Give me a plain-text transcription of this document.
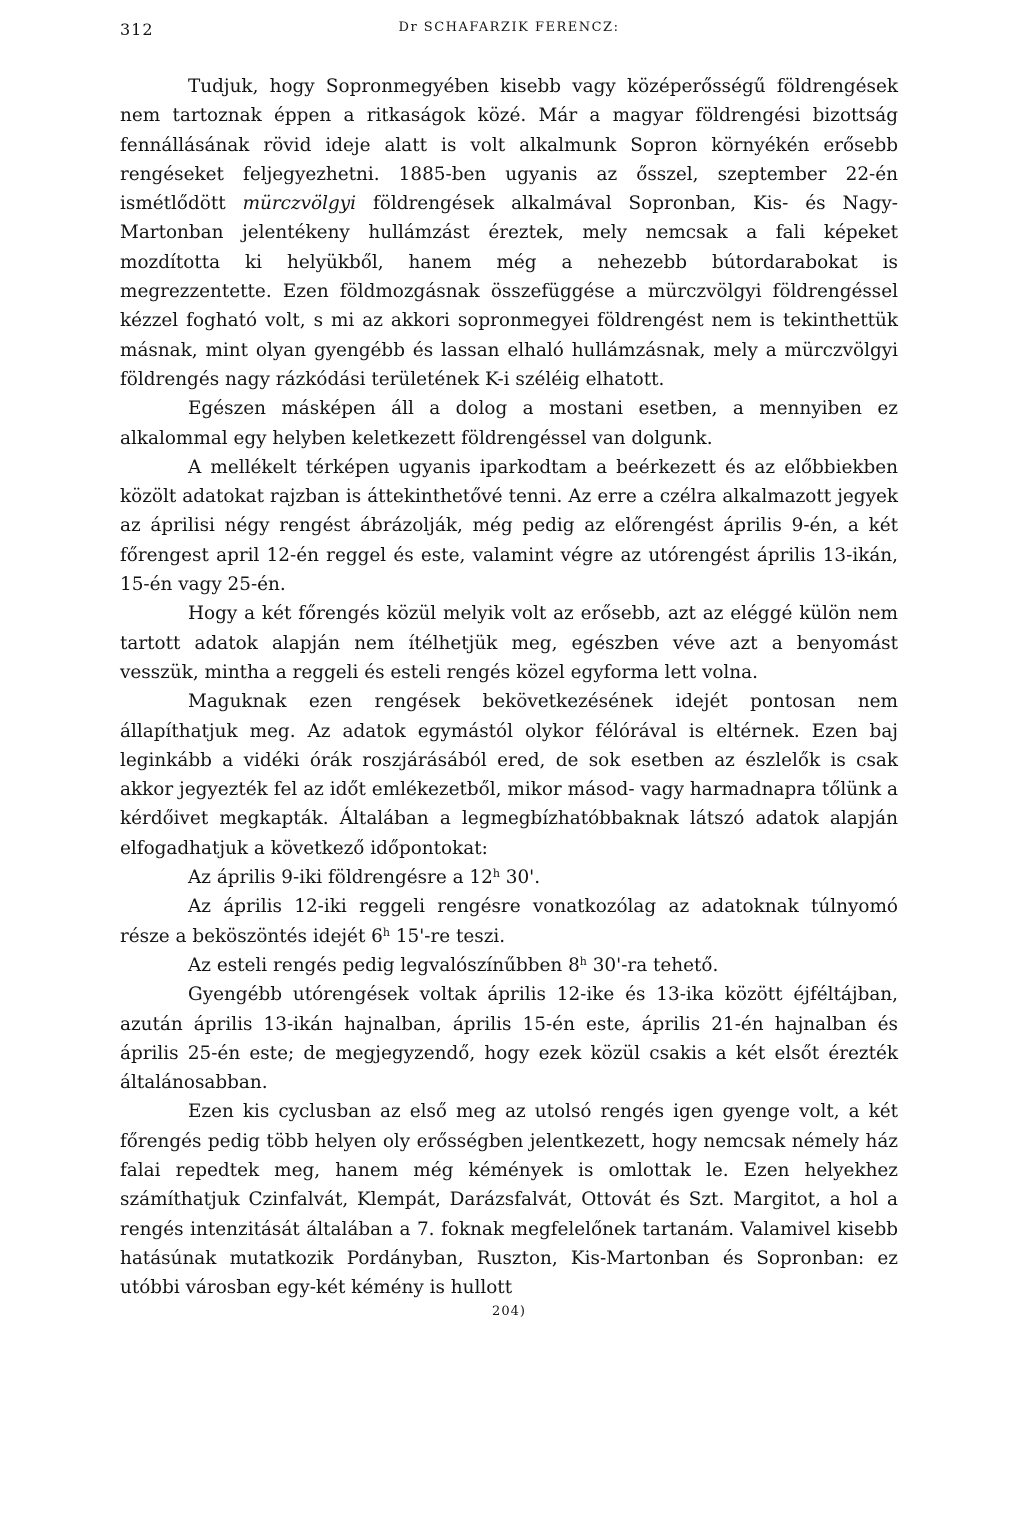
312	Dr SCHAFARZIK FERENCZ:

Tudjuk, hogy Sopronmegyében kisebb vagy középerősségű földrengések nem tartoznak éppen a ritkaságok közé. Már a magyar földrengési bizottság fennállásának rövid ideje alatt is volt alkalmunk Sopron környékén erősebb rengéseket feljegyezhetni. 1885-ben ugyanis az ősszel, szeptember 22-én ismétlődött mürczvölgyi földrengések alkalmával Sopronban, Kis- és Nagy-Martonban jelentékeny hullámzást éreztek, mely nemcsak a fali képeket mozdította ki helyükből, hanem még a nehezebb bútordarabokat is megrezzentette. Ezen földmozgásnak összefüggése a mürczvölgyi földrengéssel kézzel fogható volt, s mi az akkori sopronmegyei földrengést nem is tekinthettük másnak, mint olyan gyengébb és lassan elhaló hullámzásnak, mely a mürczvölgyi földrengés nagy rázkódási területének K-i széléig elhatott.

Egészen másképen áll a dolog a mostani esetben, a mennyiben ez alkalommal egy helyben keletkezett földrengéssel van dolgunk.

A mellékelt térképen ugyanis iparkodtam a beérkezett és az előbbiekben közölt adatokat rajzban is áttekinthetővé tenni. Az erre a czélra alkalmazott jegyek az áprilisi négy rengést ábrázolják, még pedig az előrengést április 9-én, a két főrengest april 12-én reggel és este, valamint végre az utórengést április 13-ikán, 15-én vagy 25-én.

Hogy a két főrengés közül melyik volt az erősebb, azt az eléggé külön nem tartott adatok alapján nem ítélhetjük meg, egészben véve azt a benyomást vesszük, mintha a reggeli és esteli rengés közel egyforma lett volna.

Maguknak ezen rengések bekövetkezésének idejét pontosan nem állapíthatjuk meg. Az adatok egymástól olykor félórával is eltérnek. Ezen baj leginkább a vidéki órák roszjárásából ered, de sok esetben az észlelők is csak akkor jegyezték fel az időt emlékezetből, mikor másod- vagy harmadnapra tőlünk a kérdőivet megkapták. Általában a legmegbízhatóbbaknak látszó adatok alapján elfogadhatjuk a következő időpontokat:

Az április 9-iki földrengésre a 12$^h$ 30'.

Az április 12-iki reggeli rengésre vonatkozólag az adatoknak túlnyomó része a beköszöntés idejét 6$^h$ 15'-re teszi.

Az esteli rengés pedig legvalószínűbben 8$^h$ 30'-ra tehető.

Gyengébb utórengések voltak április 12-ike és 13-ika között éjféltájban, azután április 13-ikán hajnalban, április 15-én este, április 21-én hajnalban és április 25-én este; de megjegyzendő, hogy ezek közül csakis a két elsőt érezték általánosabban.

Ezen kis cyclusban az első meg az utolsó rengés igen gyenge volt, a két főrengés pedig több helyen oly erősségben jelentkezett, hogy nemcsak némely ház falai repedtek meg, hanem még kémények is omlottak le. Ezen helyekhez számíthatjuk Czinfalvát, Klempát, Darázsfalvát, Ottovát és Szt. Margitot, a hol a rengés intenzitását általában a 7. foknak megfelelőnek tartanám. Valamivel kisebb hatásúnak mutatkozik Pordányban, Ruszton, Kis-Martonban és Sopronban: ez utóbbi városban egy-két kémény is hullott

204)
